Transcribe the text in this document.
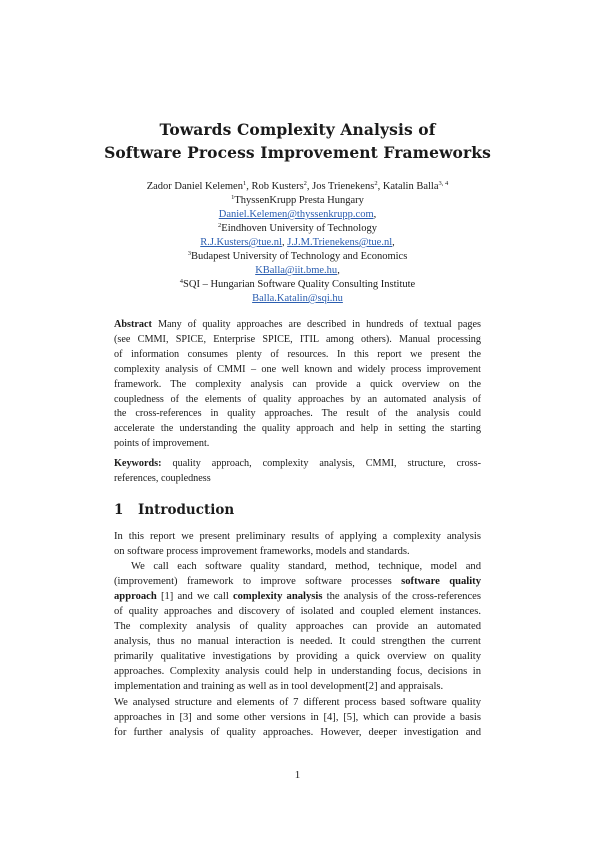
Towards Complexity Analysis of
Software Process Improvement Frameworks
Zador Daniel Kelemen$^1$, Rob Kusters$^2$, Jos Trienekens$^2$, Katalin Balla$^{3, 4}$
$^1$ThyssenKrupp Presta Hungary
Daniel.Kelemen@thyssenkrupp.com,
$^2$Eindhoven University of Technology
R.J.Kusters@tue.nl, J.J.M.Trienekens@tue.nl,
$^3$Budapest University of Technology and Economics
KBalla@iit.bme.hu,
$^4$SQI – Hungarian Software Quality Consulting Institute
Balla.Katalin@sqi.hu
Abstract Many of quality approaches are described in hundreds of textual pages
(see CMMI, SPICE, Enterprise SPICE, ITIL among others). Manual processing
of information consumes plenty of resources. In this report we present the
complexity analysis of CMMI – one well known and widely process improvement
framework. The complexity analysis can provide a quick overview on the
coupledness of the elements of quality approaches by an automated analysis of
the cross-references in quality approaches. The result of the analysis could
accelerate the understanding the quality approach and help in setting the starting
points of improvement.
Keywords: quality approach, complexity analysis, CMMI, structure, cross-
references, coupledness
1 Introduction
In this report we present preliminary results of applying a complexity analysis
on software process improvement frameworks, models and standards.
We call each software quality standard, method, technique, model and
(improvement) framework to improve software processes software quality
approach [1] and we call complexity analysis the analysis of the cross-references
of quality approaches and discovery of isolated and coupled element instances.
The complexity analysis of quality approaches can provide an automated
analysis, thus no manual interaction is needed. It could strengthen the current
primarily qualitative investigations by providing a quick overview on quality
approaches. Complexity analysis could help in understanding focus, decisions in
implementation and training as well as in tool development[2] and appraisals.
We analysed structure and elements of 7 different process based software quality
approaches in [3] and some other versions in [4], [5], which can provide a basis
for further analysis of quality approaches. However, deeper investigation and
1
